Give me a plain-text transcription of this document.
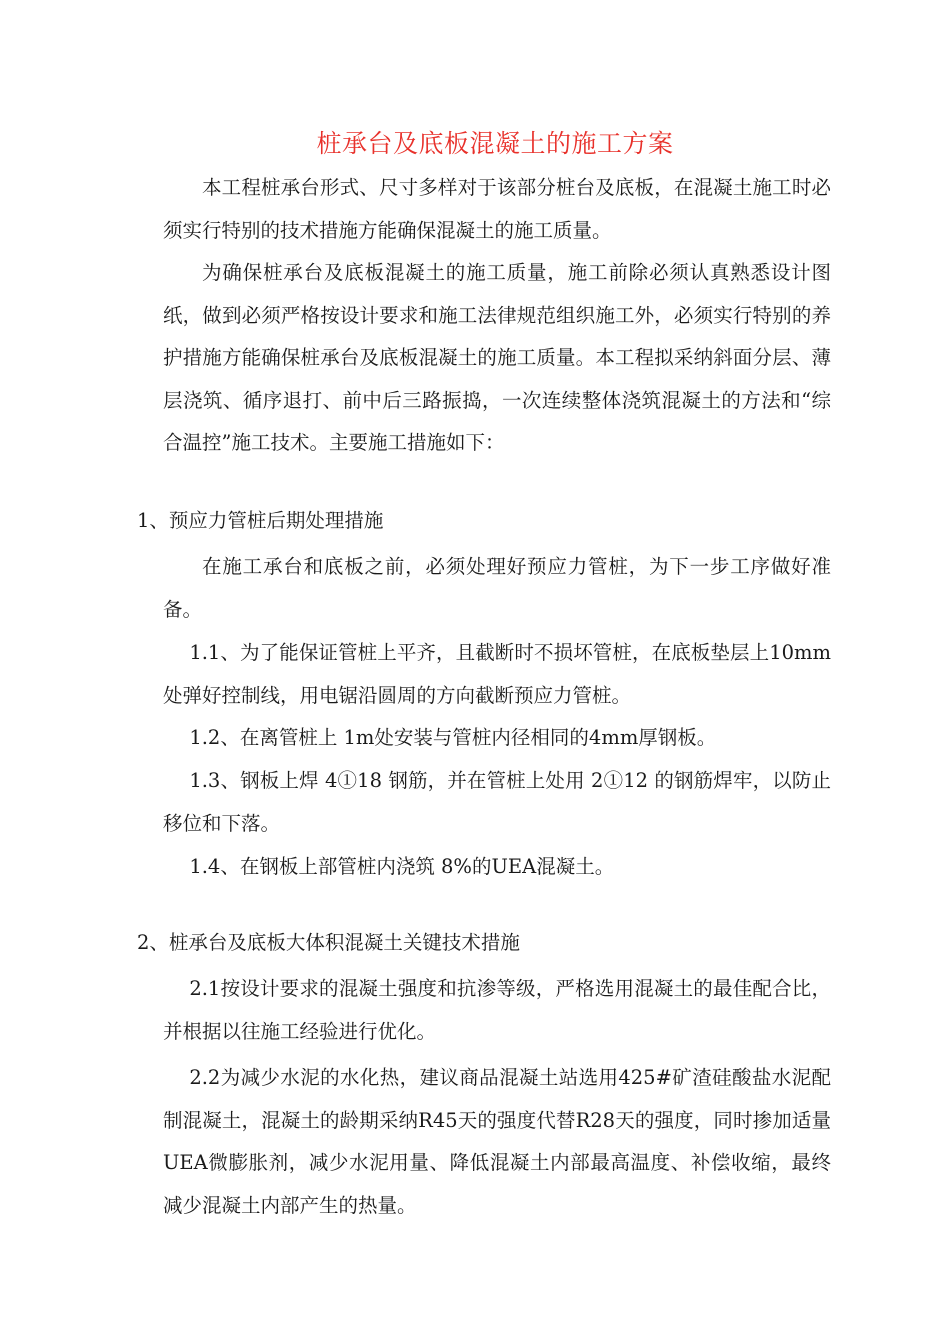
桩承台及底板混凝土的施工方案

本工程桩承台形式、尺寸多样对于该部分桩台及底板，在混凝土施工时必须实行特别的技术措施方能确保混凝土的施工质量。

为确保桩承台及底板混凝土的施工质量，施工前除必须认真熟悉设计图纸，做到必须严格按设计要求和施工法律规范组织施工外，必须实行特别的养护措施方能确保桩承台及底板混凝土的施工质量。本工程拟采纳斜面分层、薄层浇筑、循序退打、前中后三路振捣，一次连续整体浇筑混凝土的方法和“综合温控”施工技术。主要施工措施如下：

1、预应力管桩后期处理措施

在施工承台和底板之前，必须处理好预应力管桩，为下一步工序做好准备。

1.1、为了能保证管桩上平齐，且截断时不损坏管桩，在底板垫层上10mm处弹好控制线，用电锯沿圆周的方向截断预应力管桩。

1.2、在离管桩上 1m处安装与管桩内径相同的4mm厚钢板。

1.3、钢板上焊 4①18 钢筋，并在管桩上处用 2①12 的钢筋焊牢，以防止移位和下落。

1.4、在钢板上部管桩内浇筑 8%的UEA混凝土。

2、桩承台及底板大体积混凝土关键技术措施

2.1按设计要求的混凝土强度和抗渗等级，严格选用混凝土的最佳配合比，并根据以往施工经验进行优化。

2.2为减少水泥的水化热，建议商品混凝土站选用425#矿渣硅酸盐水泥配制混凝土，混凝土的龄期采纳R45天的强度代替R28天的强度，同时掺加适量UEA微膨胀剂，减少水泥用量、降低混凝土内部最高温度、补偿收缩，最终减少混凝土内部产生的热量。
